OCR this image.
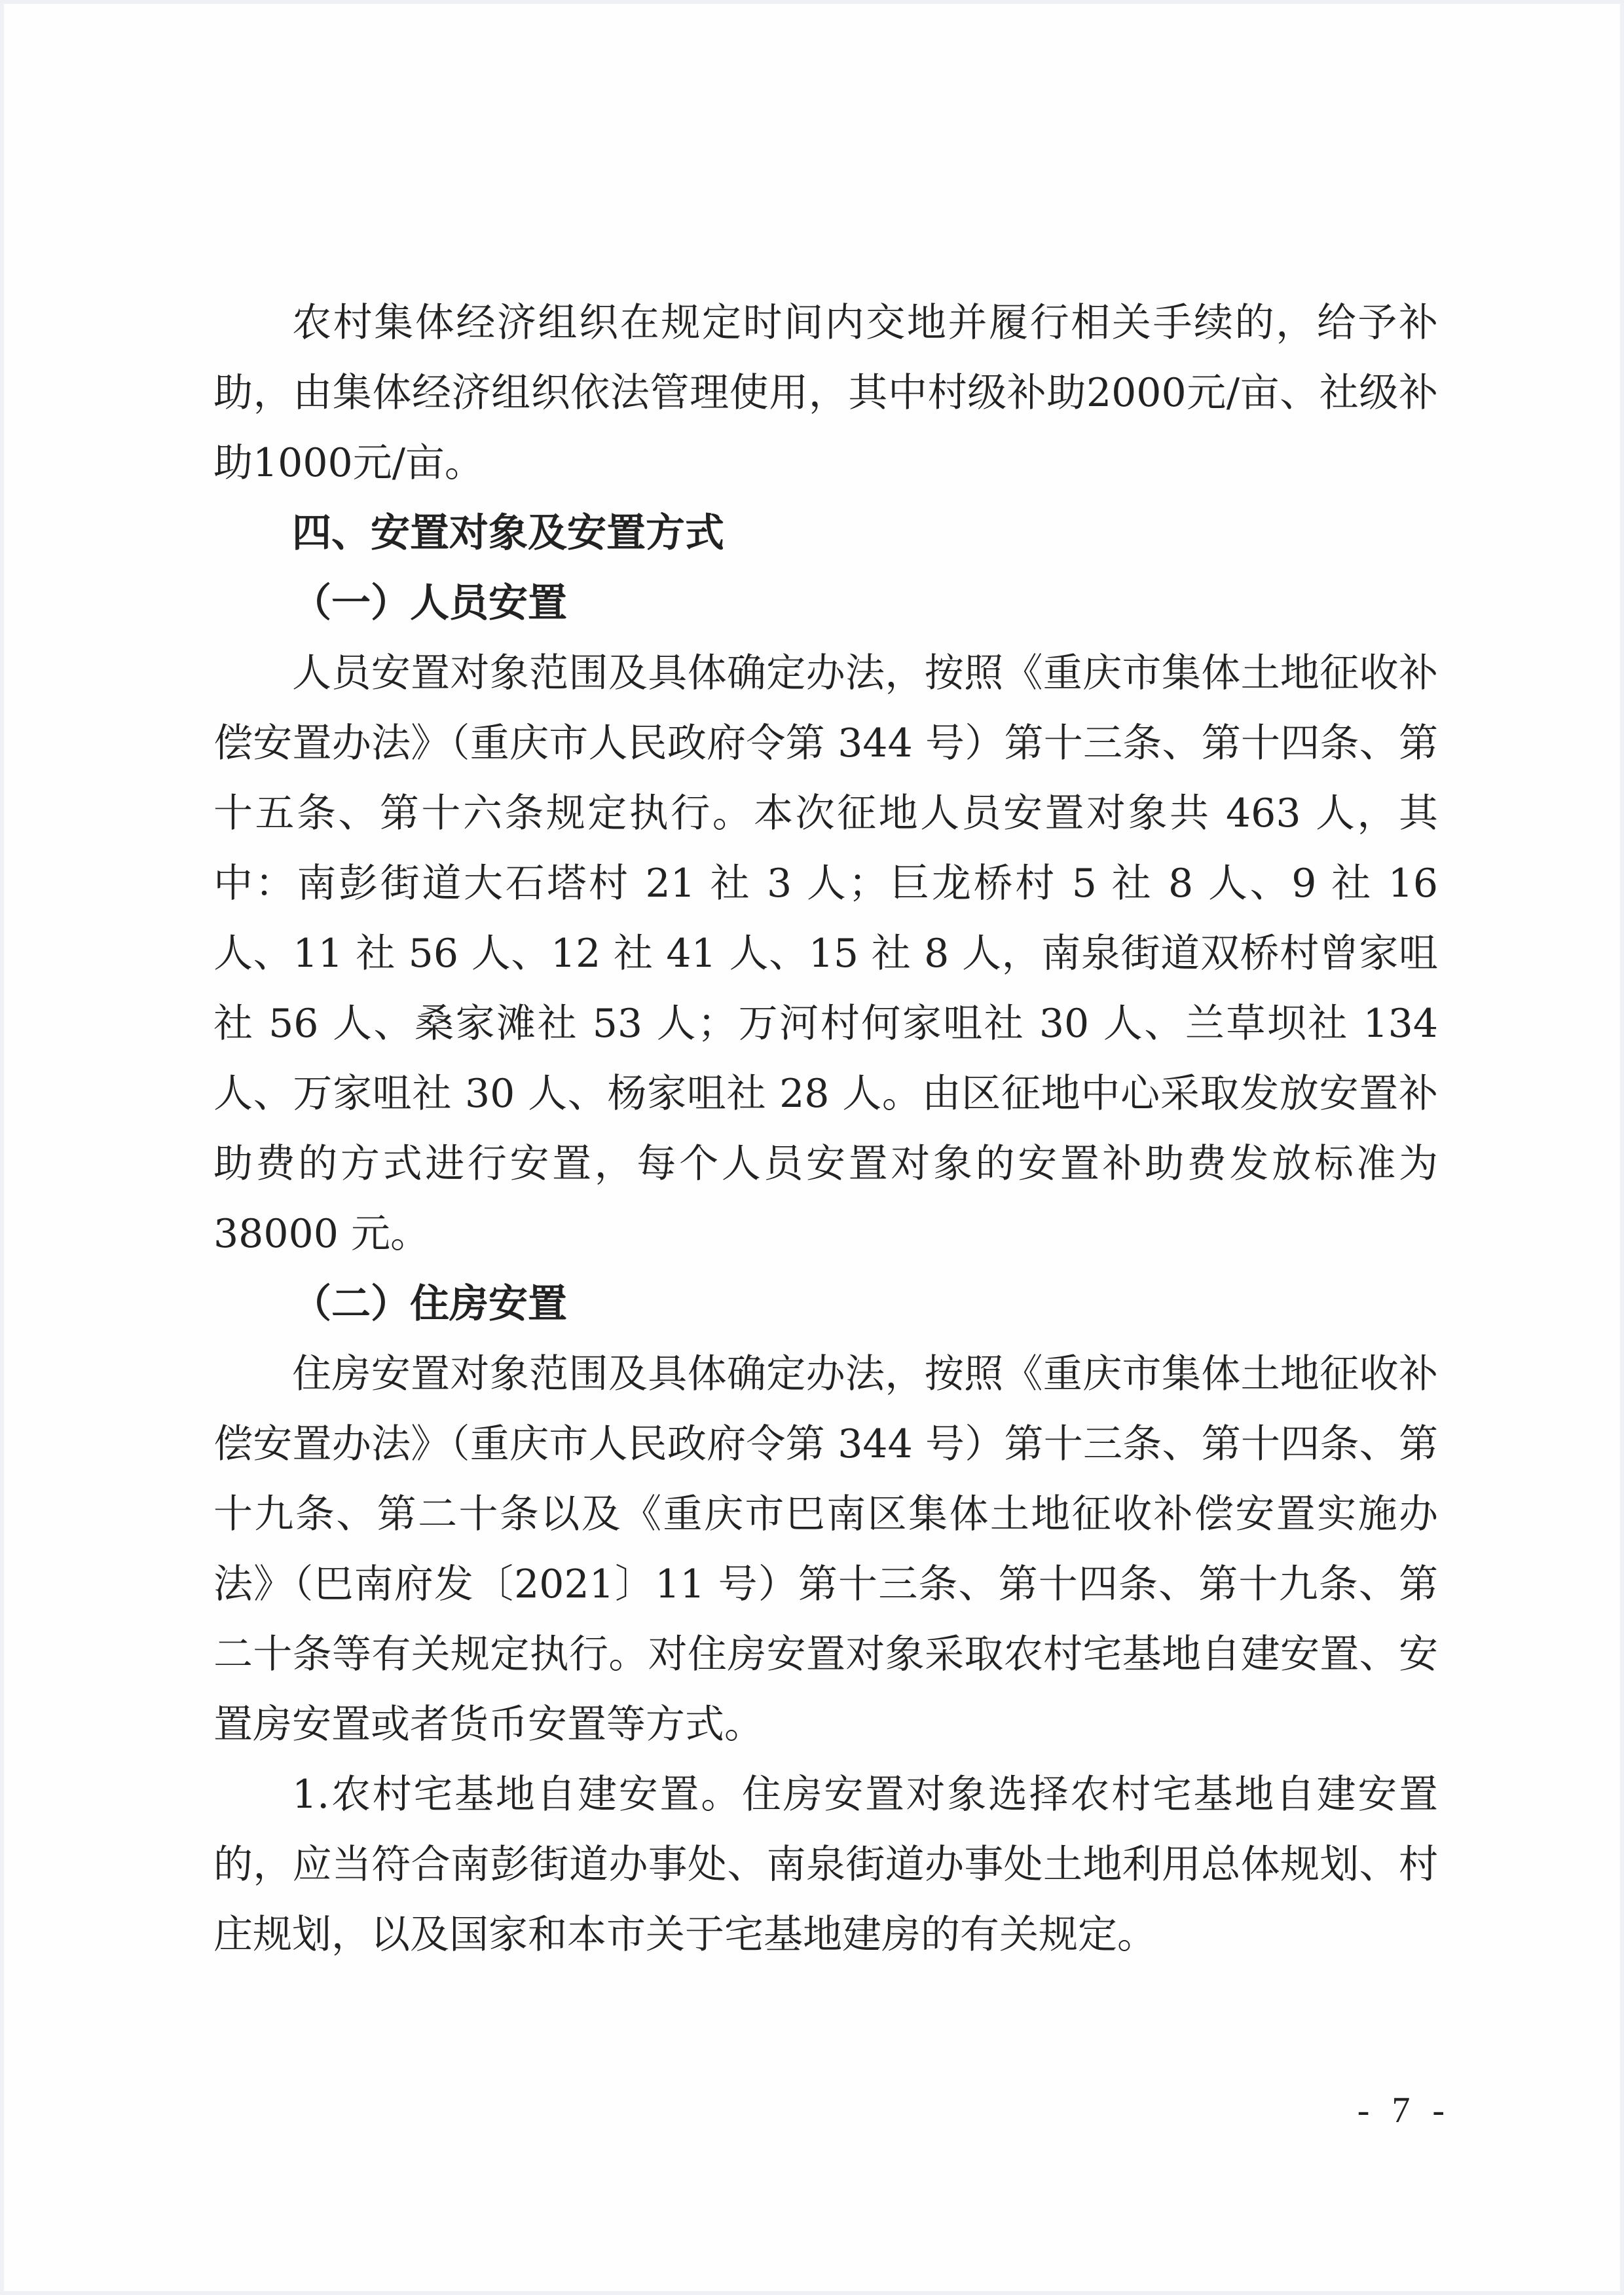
农村集体经济组织在规定时间内交地并履行相关手续的，给予补助，由集体经济组织依法管理使用，其中村级补助2000元/亩、社级补助1000元/亩。

四、安置对象及安置方式

（一）人员安置

人员安置对象范围及具体确定办法，按照《重庆市集体土地征收补偿安置办法》（重庆市人民政府令第 344 号）第十三条、第十四条、第十五条、第十六条规定执行。本次征地人员安置对象共 463 人，其中：南彭街道大石塔村 21 社 3 人；巨龙桥村 5 社 8 人、9 社 16 人、11 社 56 人、12 社 41 人、15 社 8 人，南泉街道双桥村曾家咀社 56 人、桑家滩社 53 人；万河村何家咀社 30 人、兰草坝社 134 人、万家咀社 30 人、杨家咀社 28 人。由区征地中心采取发放安置补助费的方式进行安置，每个人员安置对象的安置补助费发放标准为 38000 元。

（二）住房安置

住房安置对象范围及具体确定办法，按照《重庆市集体土地征收补偿安置办法》（重庆市人民政府令第 344 号）第十三条、第十四条、第十九条、第二十条以及《重庆市巴南区集体土地征收补偿安置实施办法》（巴南府发〔2021〕11 号）第十三条、第十四条、第十九条、第二十条等有关规定执行。对住房安置对象采取农村宅基地自建安置、安置房安置或者货币安置等方式。

1.农村宅基地自建安置。住房安置对象选择农村宅基地自建安置的，应当符合南彭街道办事处、南泉街道办事处土地利用总体规划、村庄规划，以及国家和本市关于宅基地建房的有关规定。

- 7 -
